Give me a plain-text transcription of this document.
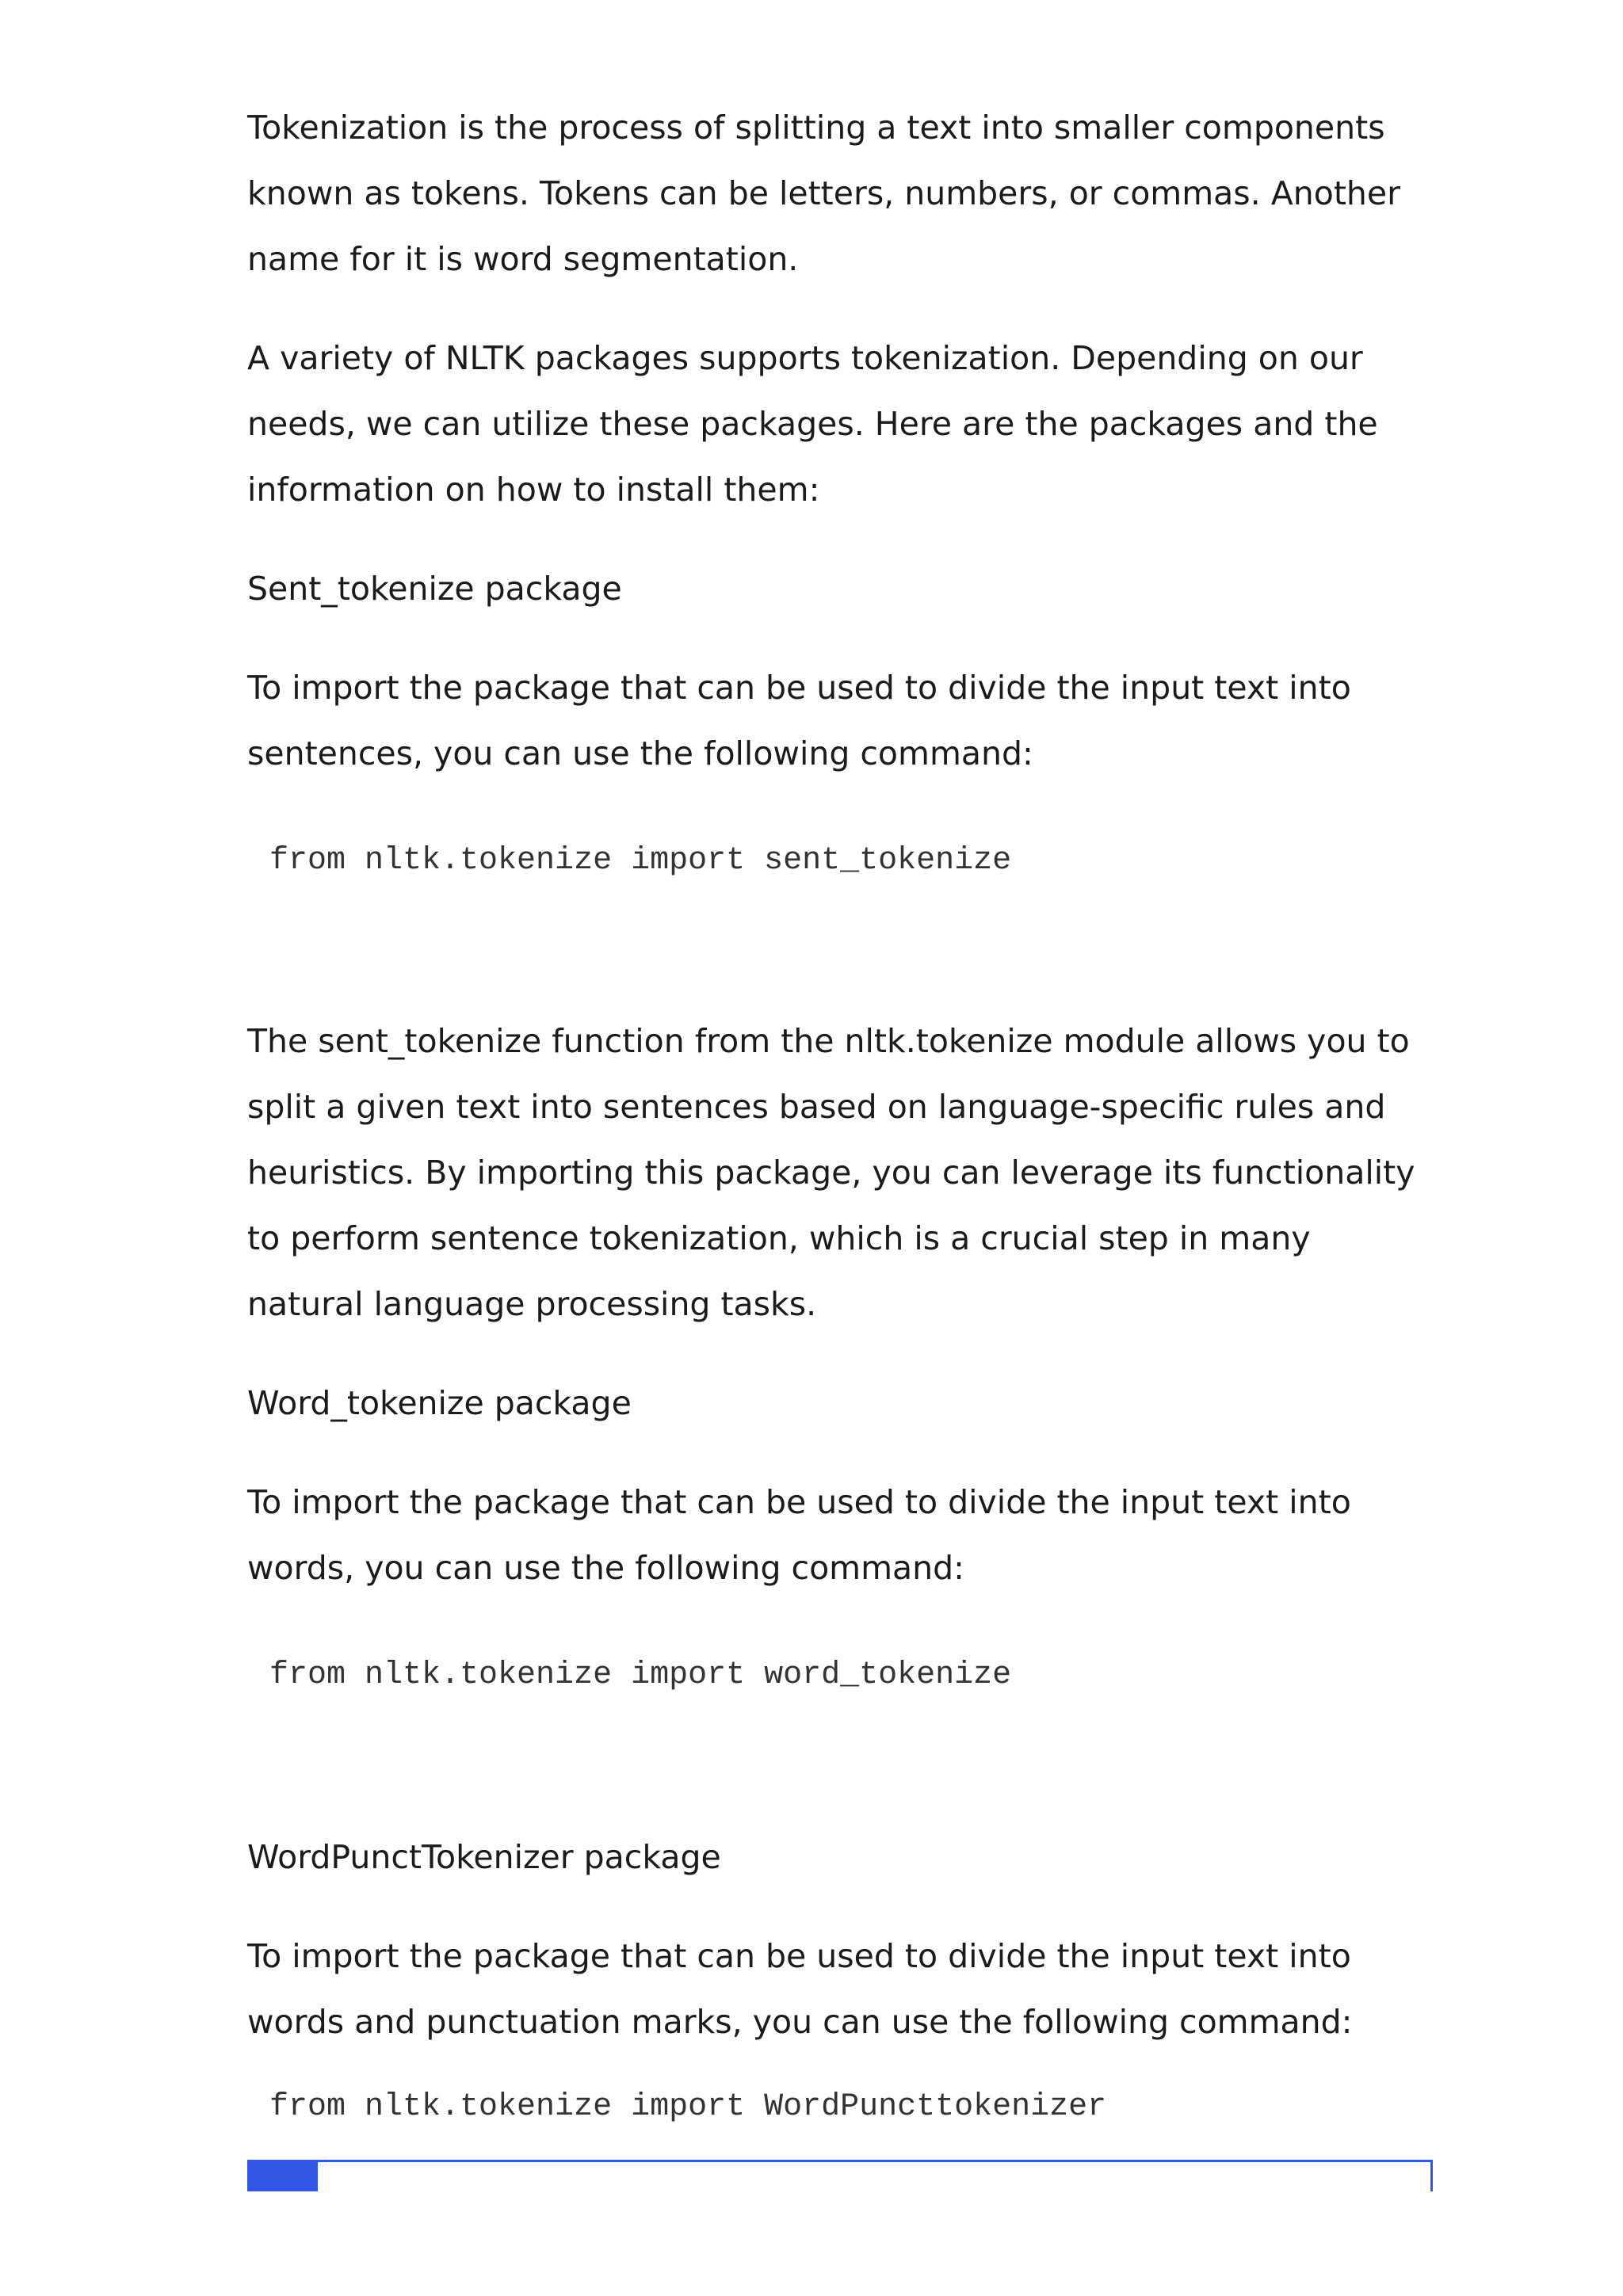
Tokenization is the process of splitting a text into smaller components known as tokens. Tokens can be letters, numbers, or commas. Another name for it is word segmentation.

A variety of NLTK packages supports tokenization. Depending on our needs, we can utilize these packages. Here are the packages and the information on how to install them:

Sent_tokenize package

To import the package that can be used to divide the input text into sentences, you can use the following command:

from nltk.tokenize import sent_tokenize

The sent_tokenize function from the nltk.tokenize module allows you to split a given text into sentences based on language-specific rules and heuristics. By importing this package, you can leverage its functionality to perform sentence tokenization, which is a crucial step in many natural language processing tasks.

Word_tokenize package

To import the package that can be used to divide the input text into words, you can use the following command:

from nltk.tokenize import word_tokenize
WordPunctTokenizer package

To import the package that can be used to divide the input text into words and punctuation marks, you can use the following command:

from nltk.tokenize import WordPuncttokenizer
